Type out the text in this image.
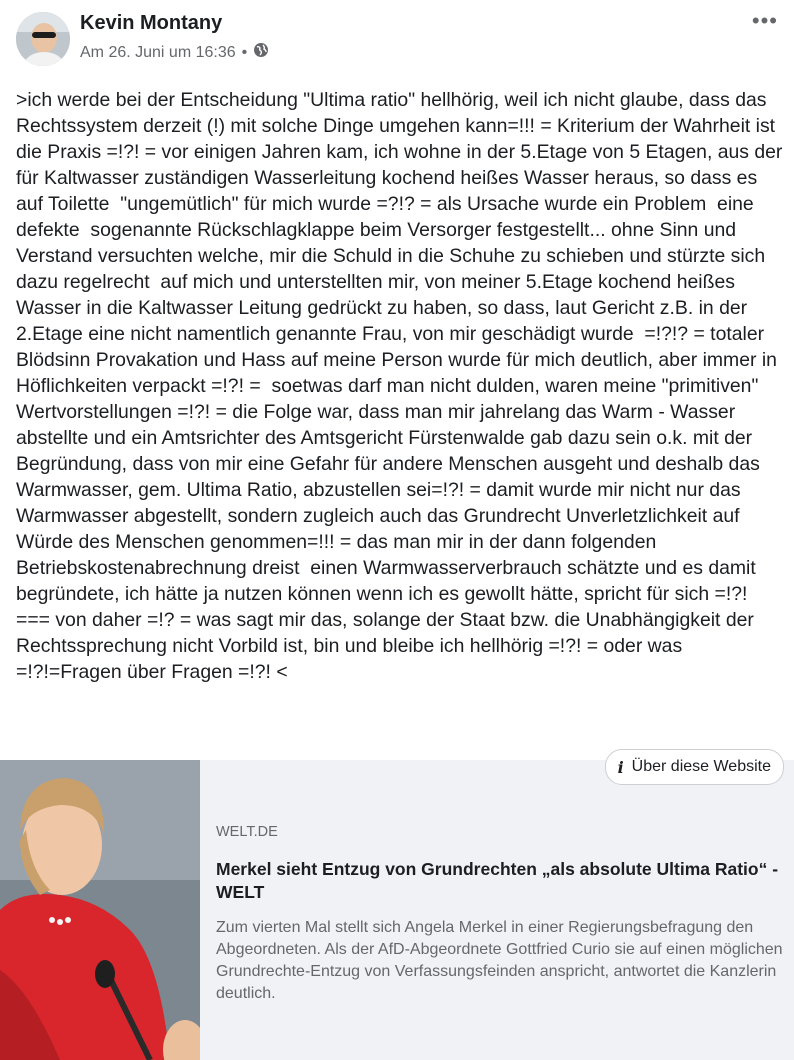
Kevin Montany
Am 26. Juni um 16:36 •
•••

>ich werde bei der Entscheidung "Ultima ratio" hellhörig, weil ich nicht glaube, dass das Rechtssystem derzeit (!) mit solche Dinge umgehen kann=!!! = Kriterium der Wahrheit ist die Praxis =!?! = vor einigen Jahren kam, ich wohne in der 5.Etage von 5 Etagen, aus der für Kaltwasser zuständigen Wasserleitung kochend heißes Wasser heraus, so dass es auf Toilette  "ungemütlich" für mich wurde =?!? = als Ursache wurde ein Problem  eine defekte  sogenannte Rückschlagklappe beim Versorger festgestellt... ohne Sinn und Verstand versuchten welche, mir die Schuld in die Schuhe zu schieben und stürzte sich dazu regelrecht  auf mich und unterstellten mir, von meiner 5.Etage kochend heißes Wasser in die Kaltwasser Leitung gedrückt zu haben, so dass, laut Gericht z.B. in der 2.Etage eine nicht namentlich genannte Frau, von mir geschädigt wurde  =!?!? = totaler Blödsinn Provakation und Hass auf meine Person wurde für mich deutlich, aber immer in Höflichkeiten verpackt =!?! =  soetwas darf man nicht dulden, waren meine "primitiven" Wertvorstellungen =!?! = die Folge war, dass man mir jahrelang das Warm - Wasser abstellte und ein Amtsrichter des Amtsgericht Fürstenwalde gab dazu sein o.k. mit der Begründung, dass von mir eine Gefahr für andere Menschen ausgeht und deshalb das Warmwasser, gem. Ultima Ratio, abzustellen sei=!?! = damit wurde mir nicht nur das Warmwasser abgestellt, sondern zugleich auch das Grundrecht Unverletzlichkeit auf Würde des Menschen genommen=!!! = das man mir in der dann folgenden Betriebskostenabrechnung dreist  einen Warmwasserverbrauch schätzte und es damit begründete, ich hätte ja nutzen können wenn ich es gewollt hätte, spricht für sich =!?! === von daher =!? = was sagt mir das, solange der Staat bzw. die Unabhängigkeit der Rechtssprechung nicht Vorbild ist, bin und bleibe ich hellhörig =!?! = oder was =!?!=Fragen über Fragen =!?! <

i Über diese Website
WELT.DE
Merkel sieht Entzug von Grundrechten „als absolute Ultima Ratio“ - WELT
Zum vierten Mal stellt sich Angela Merkel in einer Regierungsbefragung den Abgeordneten. Als der AfD-Abgeordnete Gottfried Curio sie auf einen möglichen Grundrechte-Entzug von Verfassungsfeinden anspricht, antwortet die Kanzlerin deutlich.
